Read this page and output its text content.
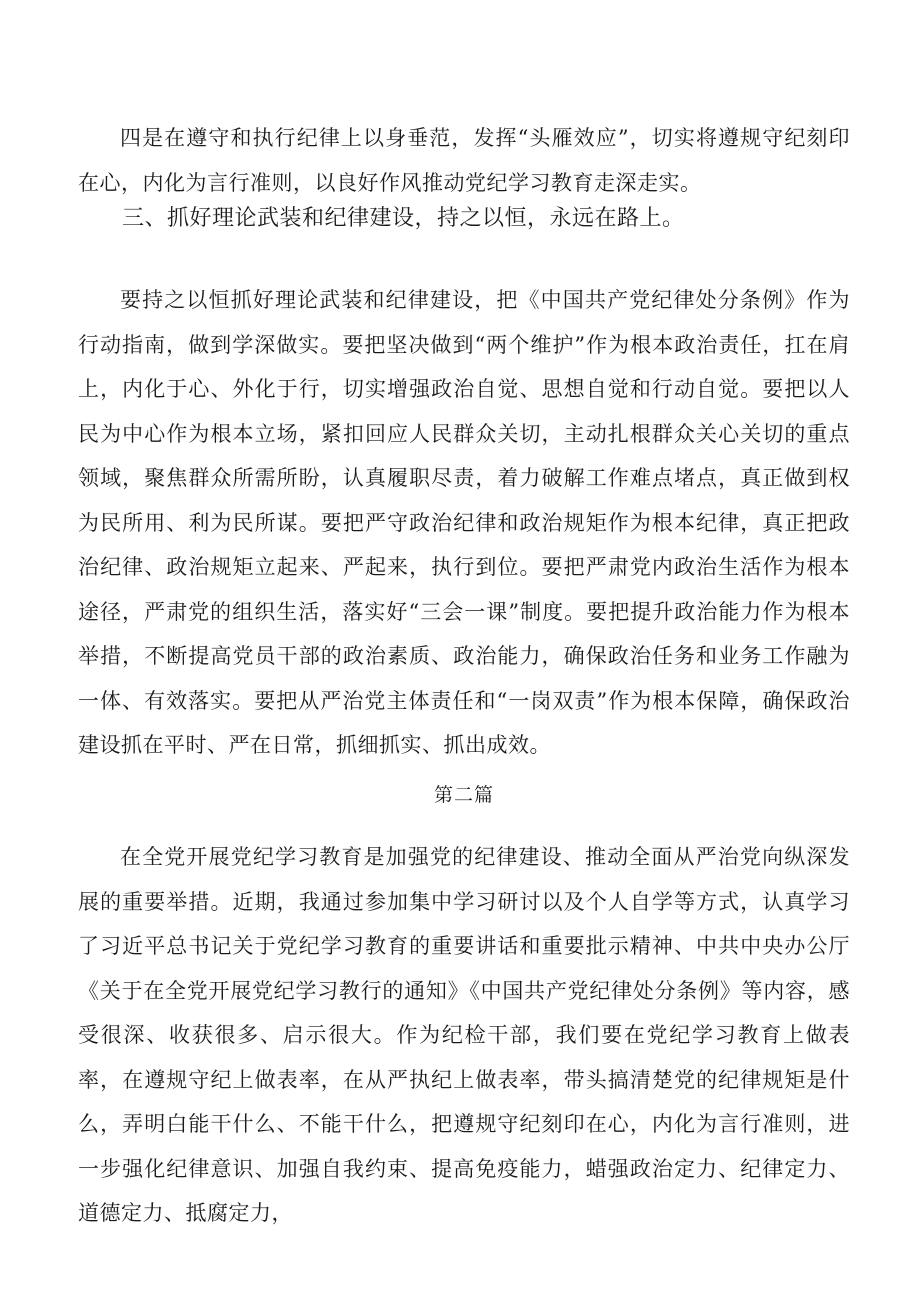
四是在遵守和执行纪律上以身垂范，发挥“头雁效应”，切实将遵规守纪刻印在心，内化为言行准则，以良好作风推动党纪学习教育走深走实。

三、抓好理论武装和纪律建设，持之以恒，永远在路上。

要持之以恒抓好理论武装和纪律建设，把《中国共产党纪律处分条例》作为行动指南，做到学深做实。要把坚决做到“两个维护”作为根本政治责任，扛在肩上，内化于心、外化于行，切实增强政治自觉、思想自觉和行动自觉。要把以人民为中心作为根本立场，紧扣回应人民群众关切，主动扎根群众关心关切的重点领域，聚焦群众所需所盼，认真履职尽责，着力破解工作难点堵点，真正做到权为民所用、利为民所谋。要把严守政治纪律和政治规矩作为根本纪律，真正把政治纪律、政治规矩立起来、严起来，执行到位。要把严肃党内政治生活作为根本途径，严肃党的组织生活，落实好“三会一课”制度。要把提升政治能力作为根本举措，不断提高党员干部的政治素质、政治能力，确保政治任务和业务工作融为一体、有效落实。要把从严治党主体责任和“一岗双责”作为根本保障，确保政治建设抓在平时、严在日常，抓细抓实、抓出成效。

第二篇

在全党开展党纪学习教育是加强党的纪律建设、推动全面从严治党向纵深发展的重要举措。近期，我通过参加集中学习研讨以及个人自学等方式，认真学习了习近平总书记关于党纪学习教育的重要讲话和重要批示精神、中共中央办公厅《关于在全党开展党纪学习教行的通知》《中国共产党纪律处分条例》等内容，感受很深、收获很多、启示很大。作为纪检干部，我们要在党纪学习教育上做表率，在遵规守纪上做表率，在从严执纪上做表率，带头搞清楚党的纪律规矩是什么，弄明白能干什么、不能干什么，把遵规守纪刻印在心，内化为言行准则，进一步强化纪律意识、加强自我约束、提高免疫能力，蜡强政治定力、纪律定力、道德定力、抵腐定力，
